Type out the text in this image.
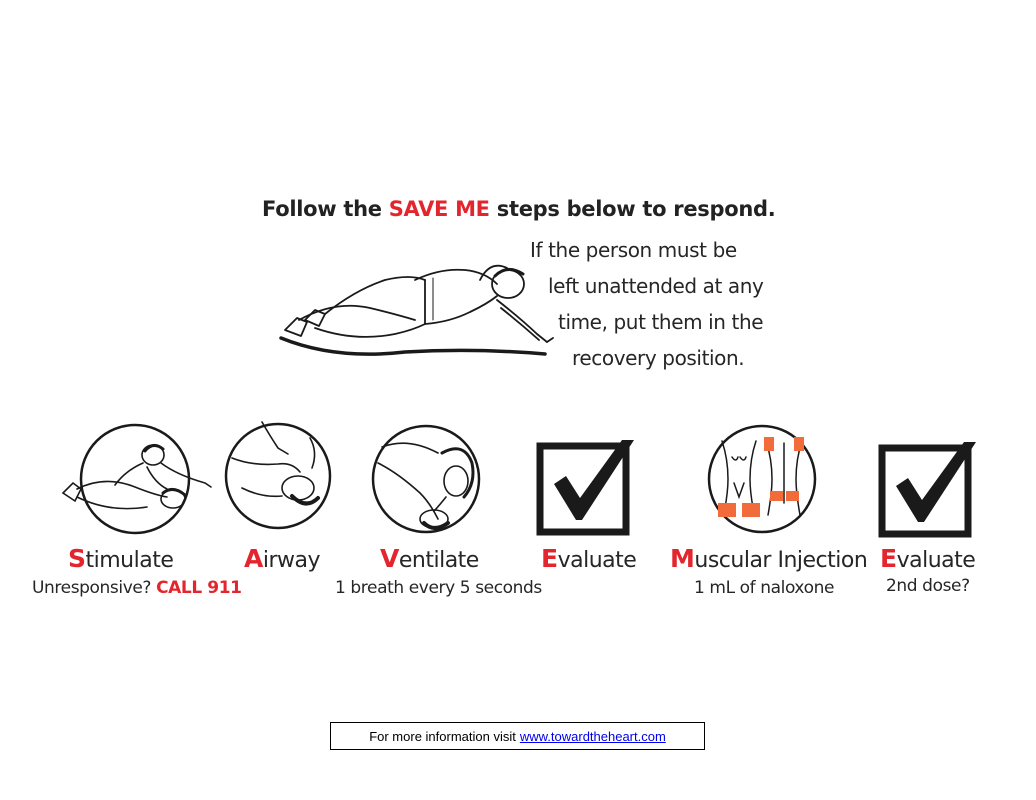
Follow the SAVE ME steps below to respond.
If the person must be
left unattended at any
time, put them in the
recovery position.
Stimulate
Unresponsive? CALL 911
Airway Ventilate
1 breath every 5 seconds
Evaluate Muscular Injection
1 mL of naloxone
Evaluate
2nd dose?
For more information visit www.towardtheheart.com
